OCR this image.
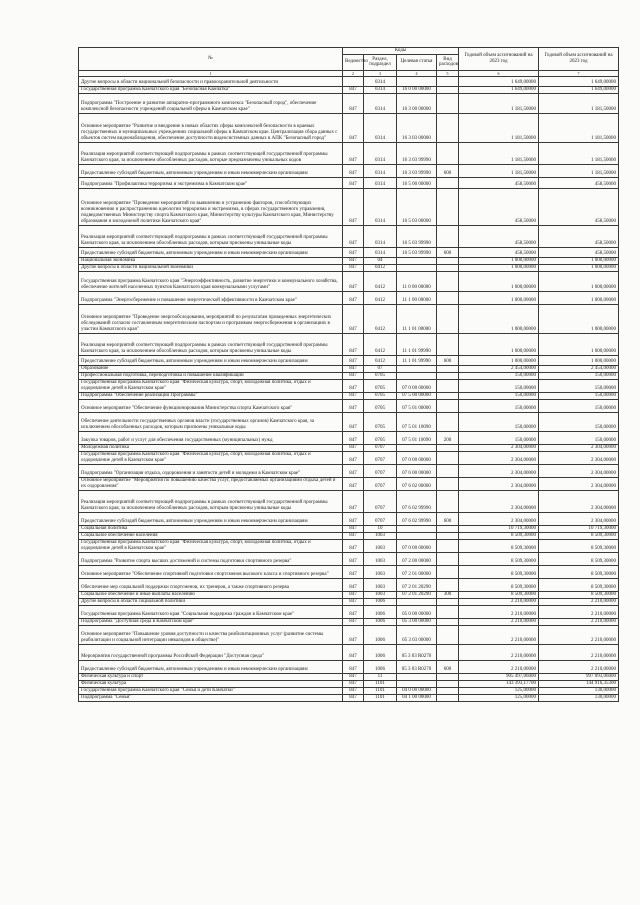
№	Коды				Годовой объем ассигнований на 2023 год	Годовой объем ассигнований на 2023 год
	Ведомство	Раздел, подраздел	Целевая статья	Вид расходов		
1	2	3	4	5	6	7
Другие вопросы в области национальной безопасности и правоохранительной деятельности		0314			1 649,00000	1 649,00000
Государственная программа Камчатского края "Безопасная Камчатка"	847	0314	16 0 00 00000		1 649,00000	1 649,00000
Подпрограмма "Построение и развитие аппаратно-программного комплекса "Безопасный город", обеспечение комплексной безопасности учреждений социальной сферы в Камчатском крае"	847	0314	16 3 00 00000		1 181,50000	1 181,50000
Основное мероприятие "Развитие и внедрение в новых областях сферы комплексной безопасности в краевых государственных и муниципальных учреждениях социальной сферы в Камчатском крае. Централизация сбора данных с объектов систем видеонаблюдения, обеспечение доступности видеосистемных данных в АПК "Безопасный город"	847	0314	16 3 03 00000		1 181,50000	1 181,50000
Реализация мероприятий соответствующей подпрограммы в рамках соответствующей государственной программы Камчатского края, за исключением обособленных расходов, которые предназначены уникальных кодов	847	0314	16 3 03 99990		1 181,50000	1 181,50000
Предоставление субсидий бюджетным, автономным учреждениям и иным некоммерческим организациям	847	0314	16 3 03 99990	600	1 181,50000	1 181,50000
Подпрограмма "Профилактика терроризма и экстремизма в Камчатском крае"	847	0314	16 5 00 00000		458,50000	458,50000
Основное мероприятие "Проведение мероприятий по выявлению и устранению факторов, способствующих возникновению и распространению идеологии терроризма и экстремизма, в сферах государственного управления, подведомственных Министерству спорта Камчатского края, Министерству культуры Камчатского края, Министерству образования и молодежной политики Камчатского края"	847	0314	16 5 03 00000		458,50000	458,50000
Реализация мероприятий соответствующей подпрограммы в рамках соответствующей государственной программы Камчатского края, за исключением обособленных расходов, которым присвоены уникальные коды	847	0314	16 5 03 99990		458,50000	458,50000
Предоставление субсидий бюджетным, автономным учреждениям и иным некоммерческим организациям	847	0314	16 5 03 99990	600	458,50000	458,50000
Национальная экономика	847	04			1 000,00000	1 000,00000
Другие вопросы в области национальной экономики	847	0412			1 000,00000	1 000,00000
Государственная программа Камчатского края "Энергоэффективность, развитие энергетики и коммунального хозяйства, обеспечение жителей населенных пунктов Камчатского края коммунальными услугами"	847	0412	11 0 00 00000		1 000,00000	1 000,00000
Подпрограмма "Энергосбережение и повышение энергетической эффективности в Камчатском крае"	847	0412	11 1 00 00000		1 000,00000	1 000,00000
Основное мероприятие "Проведение энергообследования, мероприятий по результатам проведенных энергетических обследований согласно составленным энергетическим паспортам и программам энергосбережения в организациях в участии Камчатского края"	847	0412	11 1 01 00000		1 000,00000	1 000,00000
Реализация мероприятий соответствующей подпрограммы в рамках соответствующей государственной программы Камчатского края, за исключением обособленных расходов, которым присвоены уникальные коды	847	0412	11 1 01 99990		1 000,00000	1 000,00000
Предоставление субсидий бюджетным, автономным учреждениям и иным некоммерческим организациям	847	0412	11 1 01 99990	600	1 000,00000	1 000,00000
Образование	847	07			2 454,00000	2 454,00000
Профессиональная подготовка, переподготовка и повышение квалификации	847	0705			150,00000	150,00000
Государственная программа Камчатского края "Физическая культура, спорт, молодежная политика, отдых и оздоровление детей в Камчатском крае"	847	0705	07 0 00 00000		150,00000	150,00000
Подпрограмма "Обеспечение реализации Программы"	847	0705	07 5 00 00000		150,00000	150,00000
Основное мероприятие "Обеспечение функционирования Министерства спорта Камчатского края"	847	0705	07 5 01 00000		150,00000	150,00000
Обеспечение деятельности государственных органов власти (государственных органов) Камчатского края, за исключением обособленных расходов, которым присвоены уникальные коды	847	0705	07 5 01 10090		150,00000	150,00000
Закупка товаров, работ и услуг для обеспечения государственных (муниципальных) нужд	847	0705	07 5 01 10090	200	150,00000	150,00000
Молодежная политика	847	0707			2 304,00000	2 304,00000
Государственная программа Камчатского края "Физическая культура, спорт, молодежная политика, отдых и оздоровление детей в Камчатском крае"	847	0707	07 0 00 00000		2 304,00000	2 304,00000
Подпрограмма "Организация отдыха, оздоровления и занятости детей и молодежи в Камчатском крае"	847	0707	07 6 00 00000		2 304,00000	2 304,00000
Основное мероприятие "Мероприятия по повышению качества услуг, предоставляемых организациями отдыха детей и их оздоровления"	847	0707	07 6 02 00000		2 304,00000	2 304,00000
Реализация мероприятий соответствующей подпрограммы в рамках соответствующей государственной программы Камчатского края, за исключением обособленных расходов, которым присвоены уникальные коды	847	0707	07 6 02 99990		2 304,00000	2 304,00000
Предоставление субсидий бюджетным, автономным учреждениям и иным некоммерческим организациям	847	0707	07 6 02 99990	600	2 304,00000	2 304,00000
Социальная политика	847	10			10 719,30000	10 719,30000
Социальное обеспечение населения	847	1003			8 509,30000	8 509,30000
Государственная программа Камчатского края "Физическая культура, спорт, молодежная политика, отдых и оздоровление детей в Камчатском крае"	847	1003	07 0 00 00000		8 509,30000	8 509,30000
Подпрограмма "Развитие спорта высших достижений и системы подготовки спортивного резерва"	847	1003	07 2 00 00000		8 509,30000	8 509,30000
Основное мероприятие "Обеспечение спортивной подготовки спортсменов высокого класса и спортивного резерва"	847	1003	07 2 01 00000		8 509,30000	8 509,30000
Обеспечение мер социальной поддержки спортсменов, их тренеров, а также спортивного резерва	847	1003	07 2 01 20290		8 509,30000	8 509,30000
Социальное обеспечение и иные выплаты населению	847	1003	07 2 01 20290	300	8 509,30000	8 509,30000
Другие вопросы в области социальной политики	847	1006			2 210,00000	2 210,00000
Государственная программа Камчатского края "Социальная поддержка граждан в Камчатском крае"	847	1006	05 0 00 00000		2 210,00000	2 210,00000
Подпрограмма "Доступная среда в Камчатском крае"	847	1006	05 3 00 00000		2 210,00000	2 210,00000
Основное мероприятие "Повышение уровня доступности и качества реабилитационных услуг (развитие системы реабилитации и социальной интеграции инвалидов в обществе)"	847	1006	05 3 03 00000		2 210,00000	2 210,00000
Мероприятия государственной программы Российской Федерации "Доступная среда"	847	1006	05 3 03 R0270		2 210,00000	2 210,00000
Предоставление субсидий бюджетным, автономным учреждениям и иным некоммерческим организациям	847	1006	05 3 03 R0270	600	2 210,00000	2 210,00000
Физическая культура и спорт	847	11			905 497,06000	997 093,06000
Физическая культура	847	1101			143 393,17700	144 916,35300
Государственная программа Камчатского края "Семья и дети Камчатки"	847	1101	04 0 00 00000		125,00000	130,00000
Подпрограмма "Семья"	847	1101	04 1 00 00000		125,00000	130,00000
